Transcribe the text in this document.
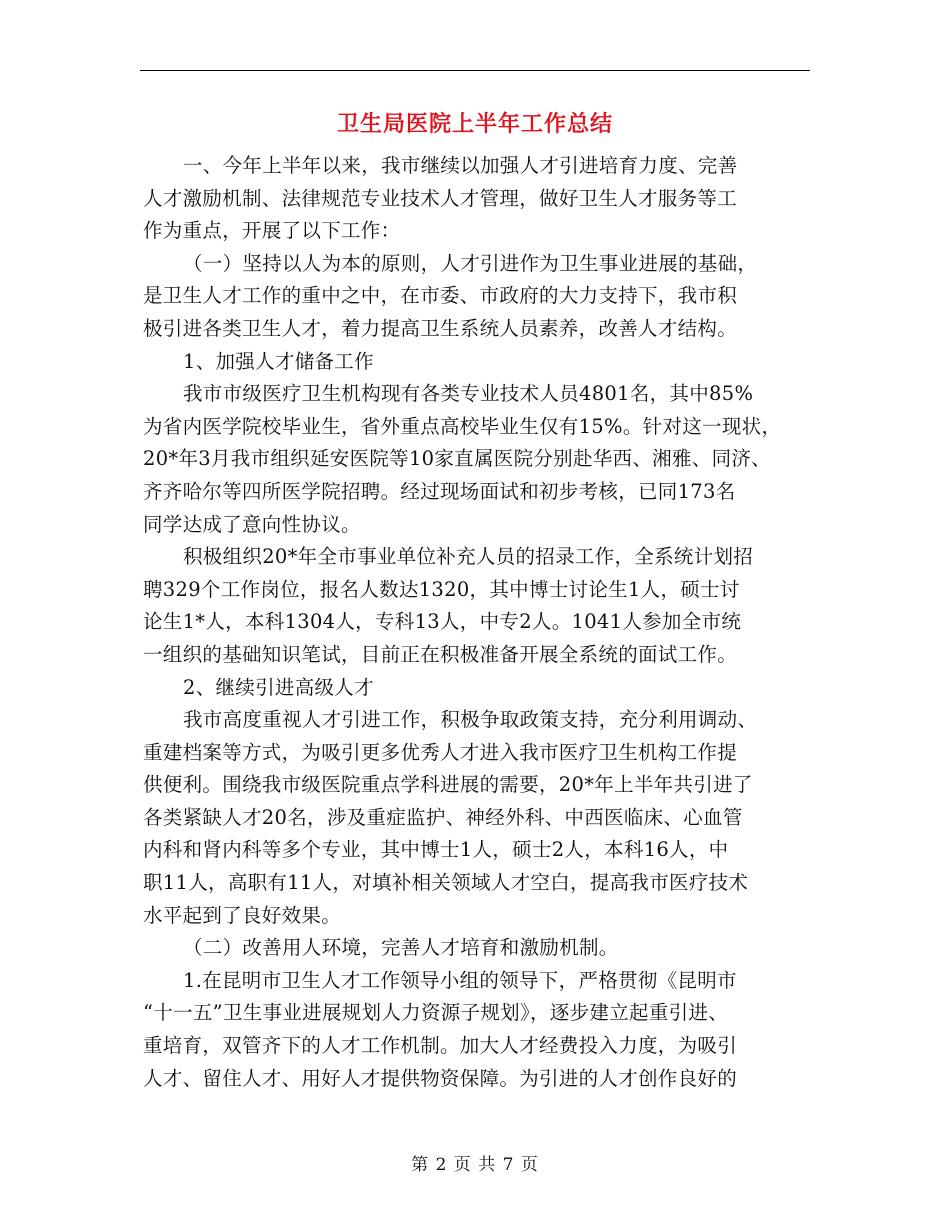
卫生局医院上半年工作总结
一、今年上半年以来，我市继续以加强人才引进培育力度、完善
人才激励机制、法律规范专业技术人才管理，做好卫生人才服务等工
作为重点，开展了以下工作：
（一）坚持以人为本的原则，人才引进作为卫生事业进展的基础，
是卫生人才工作的重中之中，在市委、市政府的大力支持下，我市积
极引进各类卫生人才，着力提高卫生系统人员素养，改善人才结构。
1、加强人才储备工作
我市市级医疗卫生机构现有各类专业技术人员4801名，其中85%
为省内医学院校毕业生，省外重点高校毕业生仅有15%。针对这一现状，
20*年3月我市组织延安医院等10家直属医院分别赴华西、湘雅、同济、
齐齐哈尔等四所医学院招聘。经过现场面试和初步考核，已同173名
同学达成了意向性协议。
积极组织20*年全市事业单位补充人员的招录工作，全系统计划招
聘329个工作岗位，报名人数达1320，其中博士讨论生1人，硕士讨
论生1*人，本科1304人，专科13人，中专2人。1041人参加全市统
一组织的基础知识笔试，目前正在积极准备开展全系统的面试工作。
2、继续引进高级人才
我市高度重视人才引进工作，积极争取政策支持，充分利用调动、
重建档案等方式，为吸引更多优秀人才进入我市医疗卫生机构工作提
供便利。围绕我市级医院重点学科进展的需要，20*年上半年共引进了
各类紧缺人才20名，涉及重症监护、神经外科、中西医临床、心血管
内科和肾内科等多个专业，其中博士1人，硕士2人，本科16人，中
职11人，高职有11人，对填补相关领域人才空白，提高我市医疗技术
水平起到了良好效果。
（二）改善用人环境，完善人才培育和激励机制。
1.在昆明市卫生人才工作领导小组的领导下，严格贯彻《昆明市
“十一五”卫生事业进展规划人力资源子规划》，逐步建立起重引进、
重培育，双管齐下的人才工作机制。加大人才经费投入力度，为吸引
人才、留住人才、用好人才提供物资保障。为引进的人才创作良好的
第 2 页 共 7 页
